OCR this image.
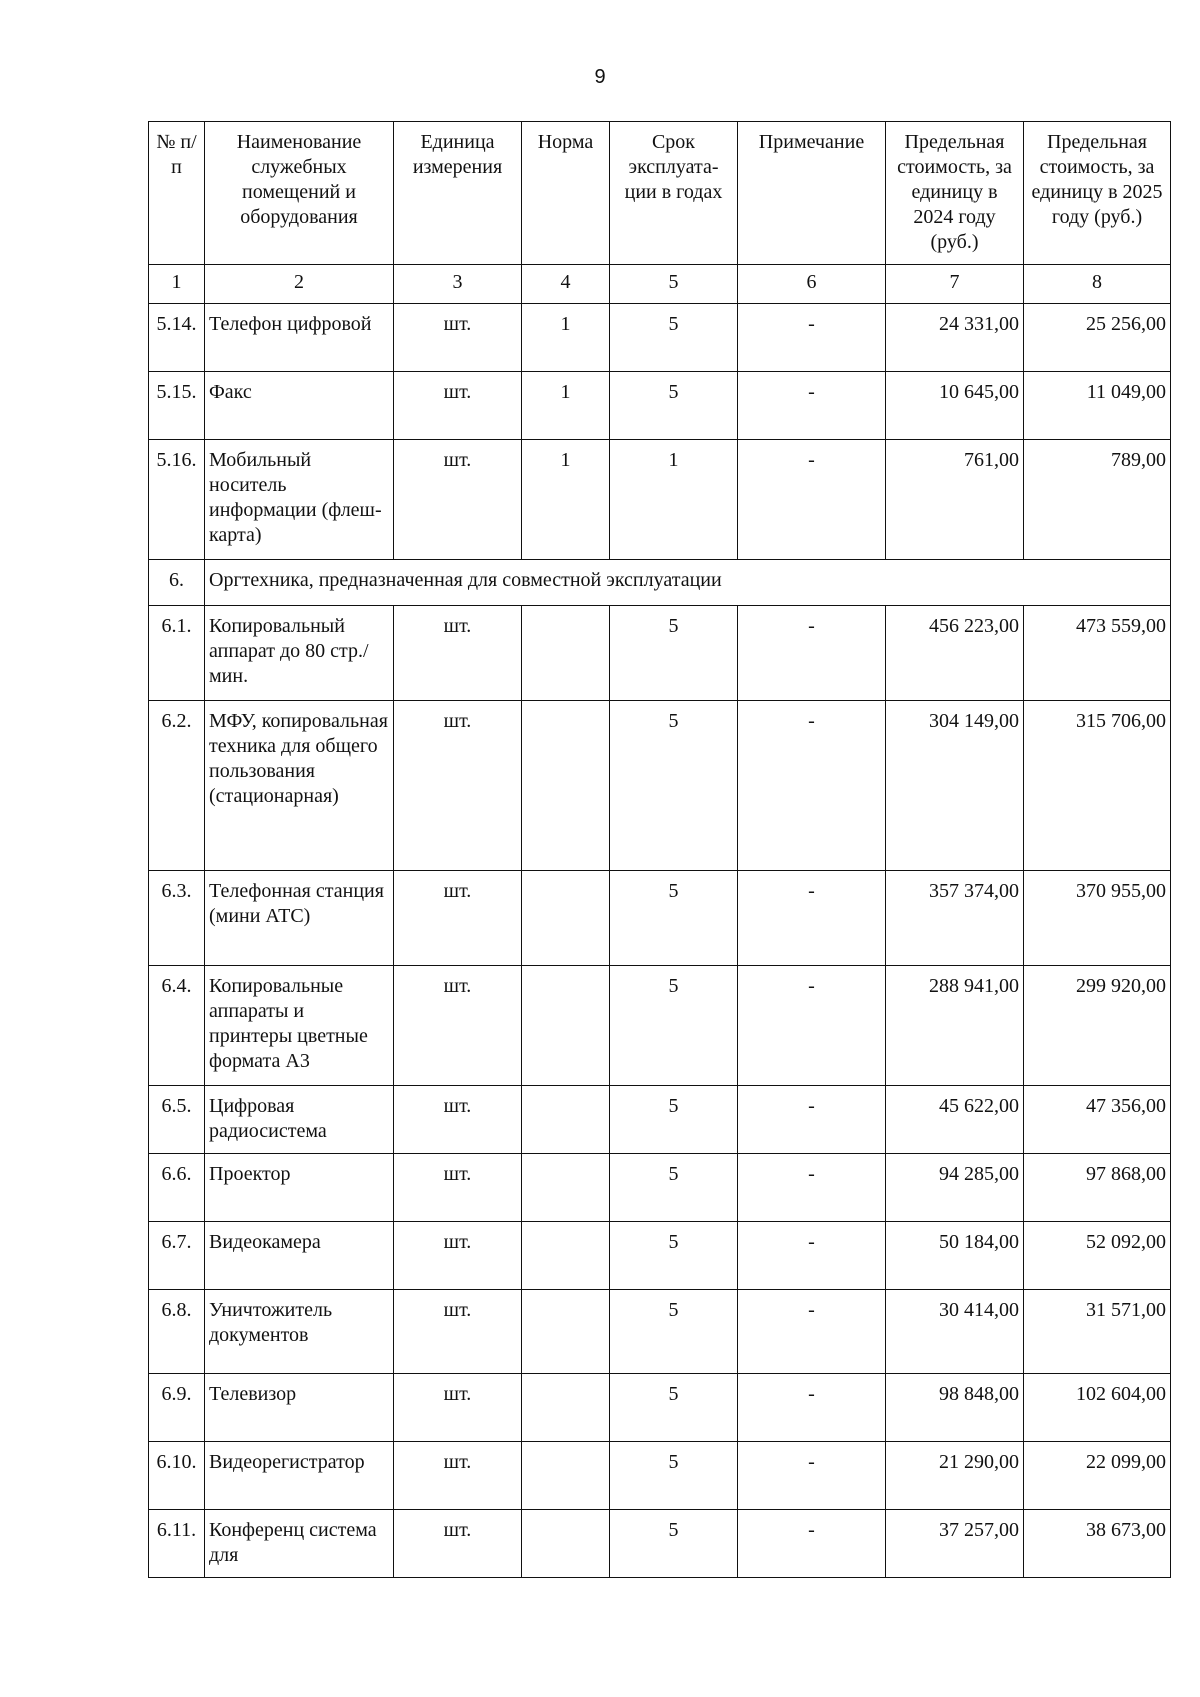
9
№ п/п	Наименование служебных помещений и оборудования	Единица измерения	Норма	Срок эксплуата-ции в годах	Примечание	Предельная стоимость, за единицу в 2024 году (руб.)	Предельная стоимость, за единицу в 2025 году (руб.)
1	2	3	4	5	6	7	8
5.14.	Телефон цифровой	шт.	1	5	-	24 331,00	25 256,00
5.15.	Факс	шт.	1	5	-	10 645,00	11 049,00
5.16.	Мобильный носитель информации (флеш-карта)	шт.	1	1	-	761,00	789,00
6.	Оргтехника, предназначенная для совместной эксплуатации						
6.1.	Копировальный аппарат до 80 стр./мин.	шт.		5	-	456 223,00	473 559,00
6.2.	МФУ, копировальная техника для общего пользования (стационарная)	шт.		5	-	304 149,00	315 706,00
6.3.	Телефонная станция (мини АТС)	шт.		5	-	357 374,00	370 955,00
6.4.	Копировальные аппараты и принтеры цветные формата А3	шт.		5	-	288 941,00	299 920,00
6.5.	Цифровая радиосистема	шт.		5	-	45 622,00	47 356,00
6.6.	Проектор	шт.		5	-	94 285,00	97 868,00
6.7.	Видеокамера	шт.		5	-	50 184,00	52 092,00
6.8.	Уничтожитель документов	шт.		5	-	30 414,00	31 571,00
6.9.	Телевизор	шт.		5	-	98 848,00	102 604,00
6.10.	Видеорегистратор	шт.		5	-	21 290,00	22 099,00
6.11.	Конференц система для	шт.		5	-	37 257,00	38 673,00
